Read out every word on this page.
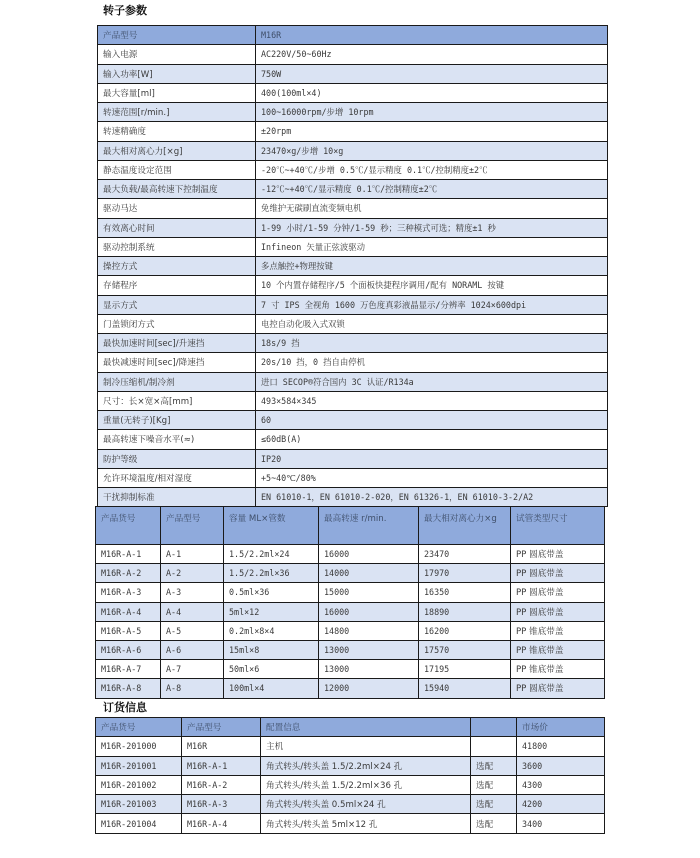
转子参数
产品型号	M16R
输入电源	AC220V/50~60Hz
输入功率[W]	750W
最大容量[ml]	400(100ml×4)
转速范围[r/min.]	100~16000rpm/步增 10rpm
转速精确度	±20rpm
最大相对离心力[×g]	23470×g/步增 10×g
静态温度设定范围	-20℃~+40℃/步增 0.5℃/显示精度 0.1℃/控制精度±2℃
最大负载/最高转速下控制温度	-12℃~+40℃/显示精度 0.1℃/控制精度±2℃
驱动马达	免维护无碳刷直流变频电机
有效离心时间	1-99 小时/1-59 分钟/1-59 秒；三种模式可选；精度±1 秒
驱动控制系统	Infineon 矢量正弦波驱动
操控方式	多点触控+物理按键
存储程序	10 个内置存储程序/5 个面板快捷程序调用/配有 NORAML 按键
显示方式	7 寸 IPS 全视角 1600 万色度真彩液晶显示/分辨率 1024×600dpi
门盖锁闭方式	电控自动化吸入式双锁
最快加速时间[sec]/升速挡	18s/9 挡
最快减速时间[sec]/降速挡	20s/10 挡，0 挡自由停机
制冷压缩机/制冷剂	进口 SECOP®符合国内 3C 认证/R134a
尺寸：长×宽×高[mm]	493×584×345
重量(无转子)[Kg]	60
最高转速下噪音水平(≈)	≤60dB(A)
防护等级	IP20
允许环境温度/相对湿度	+5~40℃/80%
干扰抑制标准	EN 61010-1，EN 61010-2-020，EN 61326-1，EN 61010-3-2/A2
产品货号	产品型号	容量 ML×管数	最高转速 r/min.	最大相对离心力×g	试管类型尺寸
M16R-A-1	A-1	1.5/2.2ml×24	16000	23470	PP 圆底带盖
M16R-A-2	A-2	1.5/2.2ml×36	14000	17970	PP 圆底带盖
M16R-A-3	A-3	0.5ml×36	15000	16350	PP 圆底带盖
M16R-A-4	A-4	5ml×12	16000	18890	PP 圆底带盖
M16R-A-5	A-5	0.2ml×8×4	14800	16200	PP 锥底带盖
M16R-A-6	A-6	15ml×8	13000	17570	PP 锥底带盖
M16R-A-7	A-7	50ml×6	13000	17195	PP 锥底带盖
M16R-A-8	A-8	100ml×4	12000	15940	PP 圆底带盖
订货信息
产品货号	产品型号	配置信息		市场价
M16R-201000	M16R	主机		41800
M16R-201001	M16R-A-1	角式转头/转头盖 1.5/2.2ml×24 孔	选配	3600
M16R-201002	M16R-A-2	角式转头/转头盖 1.5/2.2ml×36 孔	选配	4300
M16R-201003	M16R-A-3	角式转头/转头盖 0.5ml×24 孔	选配	4200
M16R-201004	M16R-A-4	角式转头/转头盖 5ml×12 孔	选配	3400
